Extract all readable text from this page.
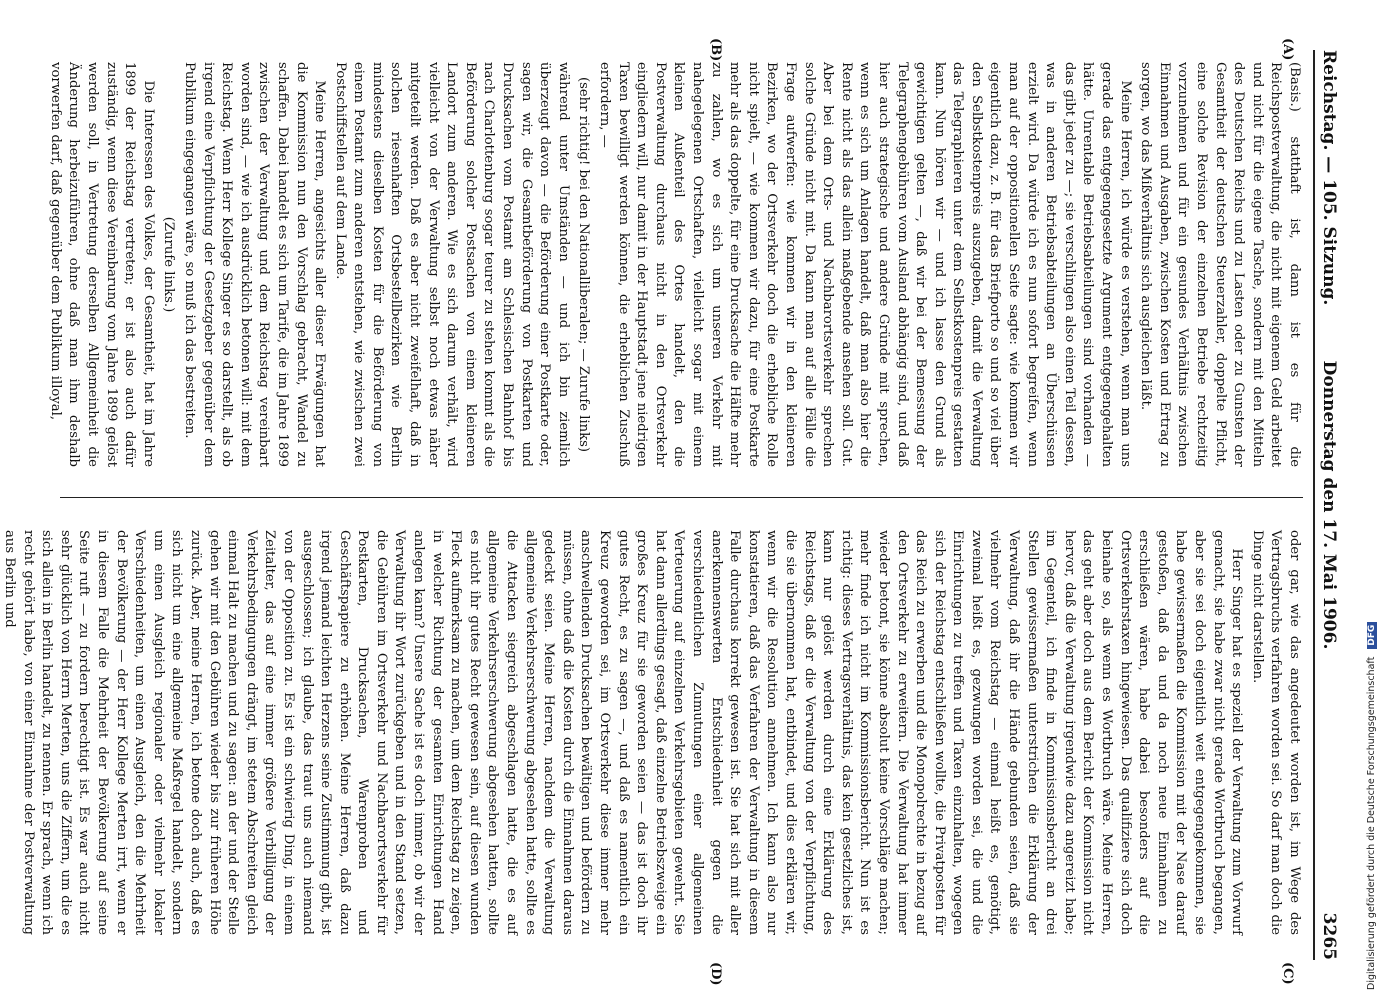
Reichstag. — 105. Sitzung.
Donnerstag den 17. Mai 1906.
3265
(A)
(B)
(C)
(D)

(Basis.) statthaft ist, dann ist es für die Reichspostverwaltung, die nicht mit eigenem Geld arbeitet und nicht für die eigene Tasche, sondern mit den Mitteln des Deutschen Reichs und zu Lasten oder zu Gunsten der Gesamtheit der deutschen Steuerzahler, doppelte Pflicht, eine solche Revision der einzelnen Betriebe rechtzeitig vorzunehmen und für ein gesundes Verhältnis zwischen Einnahmen und Ausgaben, zwischen Kosten und Ertrag zu sorgen, wo das Mißverhältnis sich ausgleichen läßt.

Meine Herren, ich würde es verstehen, wenn man uns gerade das entgegengesetzte Argument entgegengehalten hätte. Unrentable Betriebsabteilungen sind vorhanden — das gibt jeder zu —; sie verschlingen also einen Teil dessen, was in anderen Betriebsabteilungen an Überschüssen erzielt wird. Da würde ich es nun sofort begreifen, wenn man auf der oppositionellen Seite sagte: wie kommen wir eigentlich dazu, z. B. für das Briefporto so und so viel über den Selbstkostenpreis auszugeben, damit die Verwaltung das Telegraphieren unter dem Selbstkostenpreis gestatten kann. Nun hören wir — und ich lasse den Grund als gewichtigen gelten —, daß wir bei der Bemessung der Telegraphengebühren vom Ausland abhängig sind, und daß hier auch strategische und andere Gründe mit sprechen, wenn es sich um Anlagen handelt, daß man also hier die Rente nicht als das allein maßgebende ansehen soll. Gut. Aber bei dem Orts- und Nachbarortsverkehr sprechen solche Gründe nicht mit. Da kann man auf alle Fälle die Frage aufwerfen: wie kommen wir in den kleineren Bezirken, wo der Ortsverkehr doch die erhebliche Rolle nicht spielt, — wie kommen wir dazu, für eine Postkarte mehr als das doppelte, für eine Drucksache die Hälfte mehr zu zahlen, wo es sich um unseren Verkehr mit nahegelegenen Ortschaften, vielleicht sogar mit einem kleinen Außenteil des Ortes handelt, den die Postverwaltung durchaus nicht in den Ortsverkehr eingliedern will, nur damit in der Hauptstadt jene niedrigen Taxen bewilligt werden können, die erheblichen Zuschuß erfordern, —

(sehr richtig! bei den Nationalliberalen; — Zurufe links)

während unter Umständen — und ich bin ziemlich überzeugt davon — die Beförderung einer Postkarte oder, sagen wir, die Gesamtbeförderung von Postkarten und Drucksachen vom Postamt am Schlesischen Bahnhof bis nach Charlottenburg sogar teurer zu stehen kommt als die Beförderung solcher Postsachen von einem kleineren Landort zum anderen. Wie es sich darum verhält, wird vielleicht von der Verwaltung selbst noch etwas näher mitgeteilt werden. Daß es aber nicht zweifelhaft, daß in solchen riesenhaften Ortsbestellbezirken wie Berlin mindestens dieselben Kosten für die Beförderung von einem Postamt zum anderen entstehen, wie zwischen zwei Postschiffstellen auf dem Lande.

Meine Herren, angesichts aller dieser Erwägungen hat die Kommission nun den Vorschlag gebracht, Wandel zu schaffen. Dabei handelt es sich um Tarife, die im Jahre 1899 zwischen der Verwaltung und dem Reichstag vereinbart worden sind, — wie ich ausdrücklich betonen will: mit dem Reichstag. Wenn Herr Kollege Singer es so darstellt, als ob irgend eine Verpflichtung der Gesetzgeber gegenüber dem Publikum eingegangen wäre, so muß ich das bestreiten.

(Zurufe links.)

Die Interessen des Volkes, der Gesamtheit, hat im Jahre 1899 der Reichstag vertreten; er ist also auch dafür zuständig, wenn diese Vereinbarung vom Jahre 1899 gelöst werden soll, in Vertretung derselben Allgemeinheit die Änderung herbeizuführen, ohne daß man ihm deshalb vorwerfen darf, daß gegenüber dem Publikum illoyal,

oder gar, wie das angedeutet worden ist, im Wege des Vertragsbruchs verfahren worden sei. So darf man doch die Dinge nicht darstellen.

Herr Singer hat es speziell der Verwaltung zum Vorwurf gemacht, sie habe zwar nicht gerade Wortbruch begangen, aber sie sei doch eigentlich weit entgegengekommen, sie habe gewissermaßen die Kommission mit der Nase darauf gestoßen, daß da und da noch neue Einnahmen zu erschließen wären, habe dabei besonders auf die Ortsverkehrstaxen hingewiesen. Das qualifiziere sich doch beinahe so, als wenn es Wortbruch wäre. Meine Herren, das geht aber doch aus dem Bericht der Kommission nicht hervor, daß die Verwaltung irgendwie dazu angereizt habe; im Gegenteil, ich finde in Kommissionsbericht an drei Stellen gewissermaßen unterstrichen die Erklärung der Verwaltung, daß ihr die Hände gebunden seien, daß sie vielmehr vom Reichstag — einmal heißt es, genötigt, zweimal heißt es, gezwungen worden sei, die und die Einrichtungen zu treffen und Taxen einzuhalten, wogegen sich der Reichstag entschließen wollte, die Privatposten für das Reich zu erwerben und die Monopolrechte in bezug auf den Ortsverkehr zu erweitern. Die Verwaltung hat immer wieder betont, sie könne absolut keine Vorschläge machen; mehr finde ich nicht im Kommissionsbericht. Nun ist es richtig: dieses Vertragsverhältnis, das kein gesetzliches ist, kann nur gelöst werden durch eine Erklärung des Reichstags, daß er die Verwaltung von der Verpflichtung, die sie übernommen hat, entbindet, und dies erklären wir, wenn wir die Resolution annehmen. Ich kann also nur konstatieren, daß das Verfahren der Verwaltung in diesem Falle durchaus korrekt gewesen ist. Sie hat sich mit aller anerkennenswerten Entschiedenheit gegen die verschiedentlichen Zumutungen einer allgemeinen Verteuerung auf einzelnen Verkehrsgebieten gewehrt. Sie hat dann allerdings gesagt, daß einzelne Betriebszweige ein großes Kreuz für sie geworden seien — das ist doch ihr gutes Recht, es zu sagen —, und daß es namentlich ein Kreuz geworden sei, im Ortsverkehr diese immer mehr anschwellenden Drucksachen bewältigen und befördern zu müssen, ohne daß die Kosten durch die Einnahmen daraus gedeckt seien. Meine Herren, nachdem die Verwaltung allgemeine Verkehrserschwerung abgesehen hatte, sollte es die Attacken siegreich abgeschlagen hatte, die es auf allgemeine Verkehrserschwerung abgesehen hatten, sollte es nicht ihr gutes Recht gewesen sein, auf diesen wunden Fleck aufmerksam zu machen, um dem Reichstag zu zeigen, in welcher Richtung der gesamten Einrichtungen Hand anlegen kann? Unsere Sache ist es doch immer, ob wir der Verwaltung ihr Wort zurückgeben und in den Stand setzen, die Gebühren im Ortsverkehr und Nachbarortsverkehr für Postkarten, Drucksachen, Warenproben und Geschäftspapiere zu erhöhen. Meine Herren, daß dazu irgend jemand leichten Herzens seine Zustimmung gibt, ist ausgeschlossen; ich glaube, das traut uns auch niemand von der Opposition zu. Es ist ein schwierig Ding, in einem Zeitalter, das auf eine immer größere Verbilligung der Verkehrsbedingungen drängt, im stetem Abschreiten gleich einmal Halt zu machen und zu sagen: an der und der Stelle gehen wir mit den Gebühren wieder bis zur früheren Höhe zurück. Aber, meine Herren, ich betone doch auch, daß es sich nicht um eine allgemeine Maßregel handelt, sondern um einen Ausgleich regionaler oder vielmehr lokaler Verschiedenheiten, um einen Ausgleich, den die Mehrheit der Bevölkerung — der Herr Kollege Merten irrt, wenn er in diesem Falle die Mehrheit der Bevölkerung auf seine Seite ruft — zu fordern berechtigt ist. Es war auch nicht sehr glücklich von Herrn Merten, uns die Ziffern, um die es sich allein in Berlin handelt, zu nennen. Er sprach, wenn ich recht gehört habe, von einer Einnahme der Postverwaltung aus Berlin und

Digitalisierung gefördert durch die Deutsche ForschungsgemeinschaftDFG
